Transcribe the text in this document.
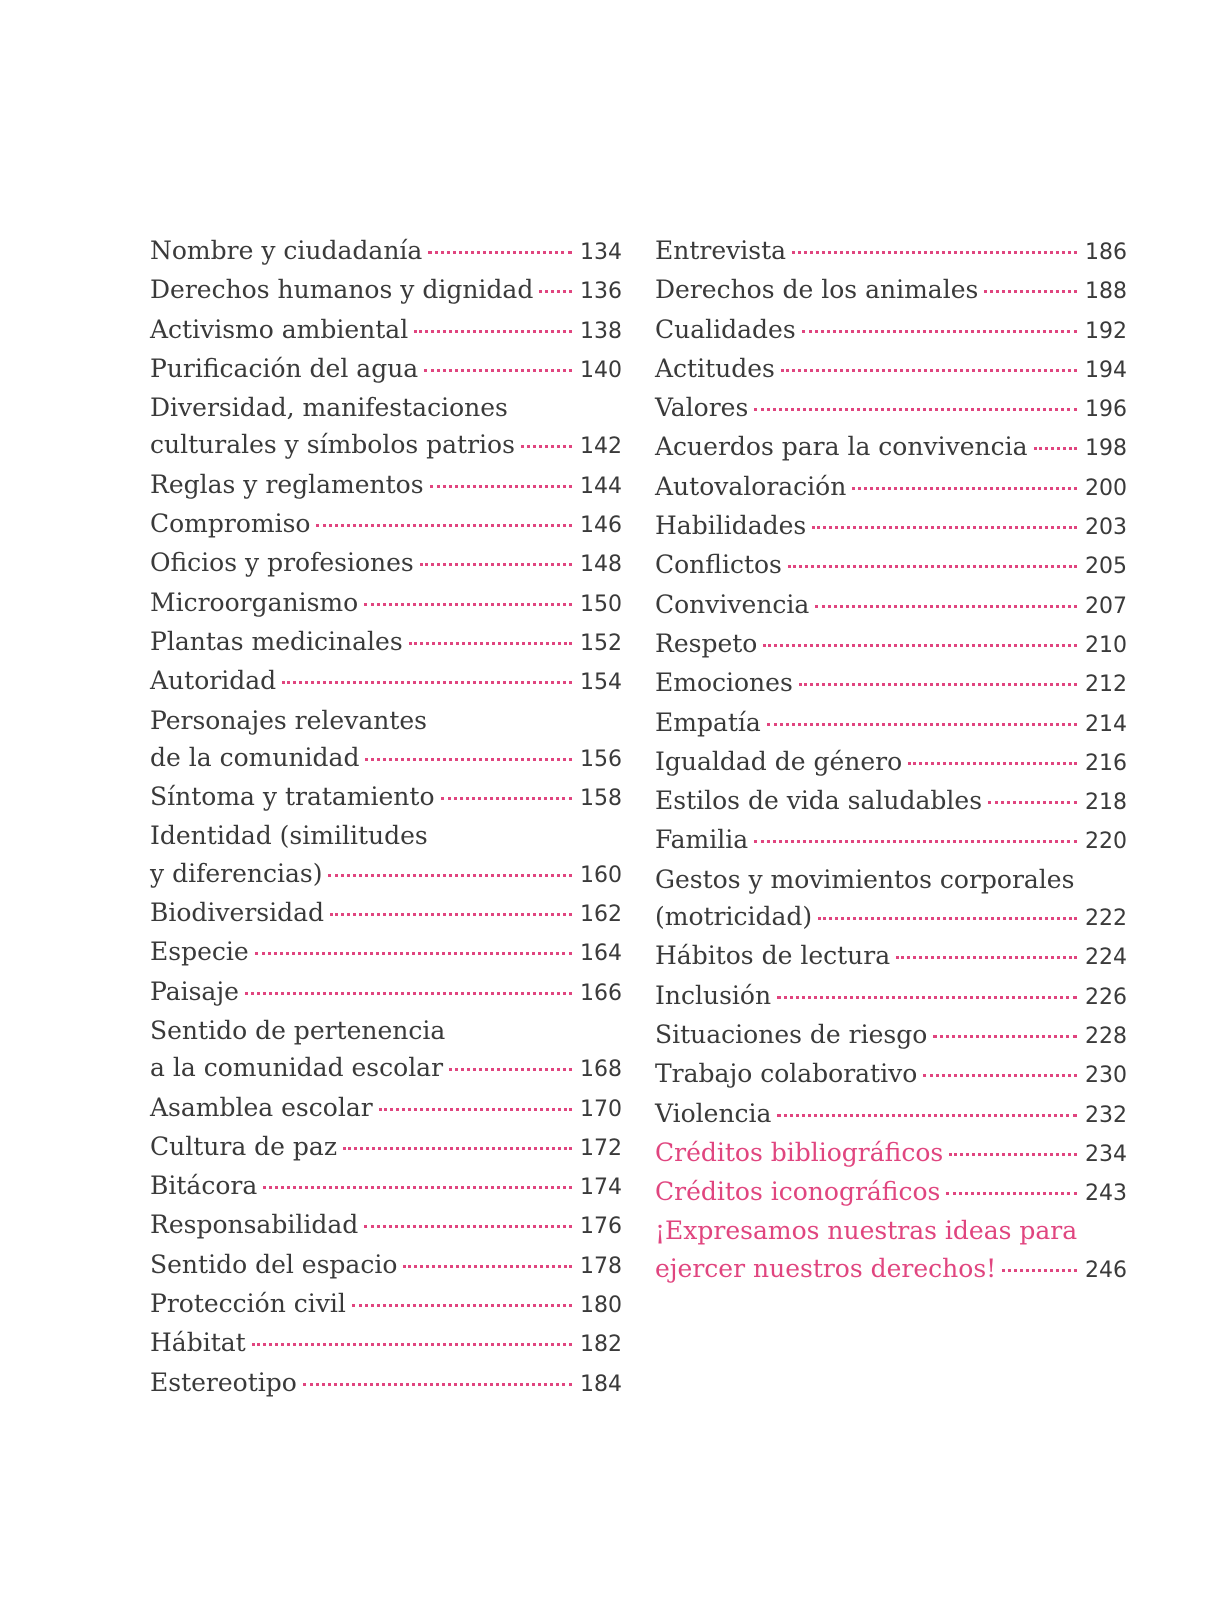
Nombre y ciudadanía	134
Derechos humanos y dignidad 136
Activismo ambiental	138
Purificación del agua	140
Diversidad, manifestaciones
culturales y símbolos patrios	142
Reglas y reglamentos	144
Compromiso	146
Oficios y profesiones	148
Microorganismo	150
Plantas medicinales	152
Autoridad	154
Personajes relevantes
de la comunidad	156
Síntoma y tratamiento	158
Identidad (similitudes
y diferencias)	160
Biodiversidad	162
Especie	164
Paisaje	166
Sentido de pertenencia
a la comunidad escolar	168
Asamblea escolar	170
Cultura de paz	172
Bitácora	174
Responsabilidad	176
Sentido del espacio	178
Protección civil	180
Hábitat	182
Estereotipo	184
Entrevista	186
Derechos de los animales	188
Cualidades	192
Actitudes	194
Valores	196
Acuerdos para la convivencia	198
Autovaloración	200
Habilidades	203
Conflictos	205
Convivencia	207
Respeto	210
Emociones	212
Empatía	214
Igualdad de género	216
Estilos de vida saludables	218
Familia	220
Gestos y movimientos corporales
(motricidad)	222
Hábitos de lectura	224
Inclusión	226
Situaciones de riesgo	228
Trabajo colaborativo	230
Violencia	232
Créditos bibliográficos	234
Créditos iconográficos	243
¡Expresamos nuestras ideas para
ejercer nuestros derechos!	246
